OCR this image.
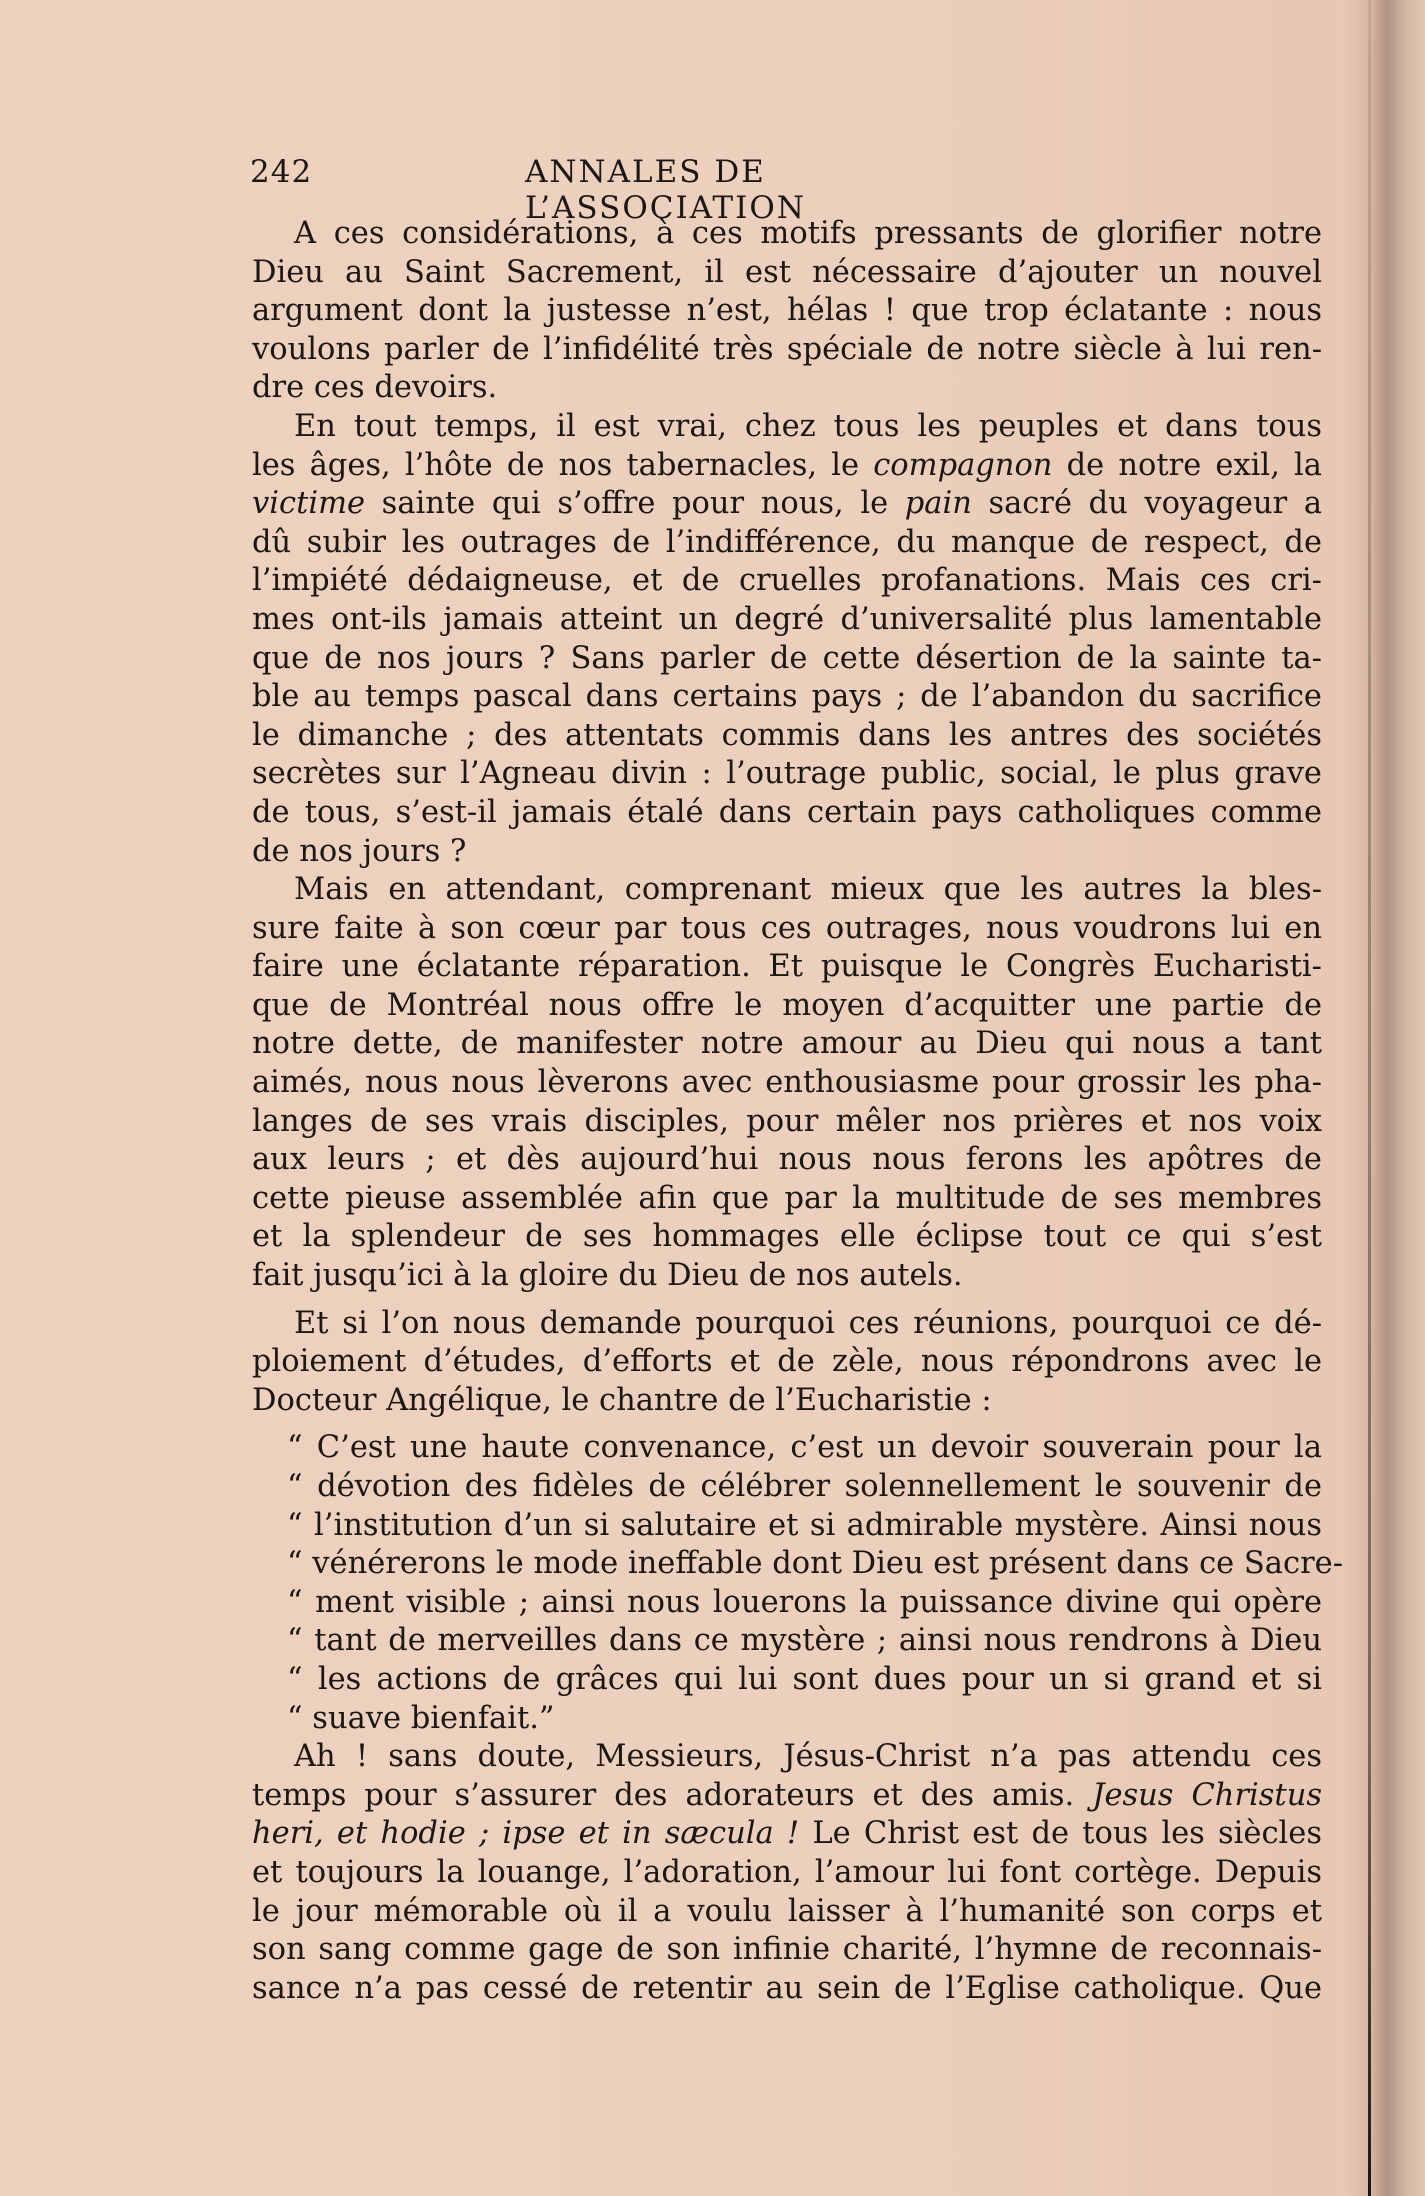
242	ANNALES DE L’ASSOCIATION
A ces considérations, à ces motifs pressants de glorifier notre
Dieu au Saint Sacrement, il est nécessaire d’ajouter un nouvel
argument dont la justesse n’est, hélas ! que trop éclatante : nous
voulons parler de l’infidélité très spéciale de notre siècle à lui ren-
dre ces devoirs.
En tout temps, il est vrai, chez tous les peuples et dans tous
les âges, l’hôte de nos tabernacles, le compagnon de notre exil, la
victime sainte qui s’offre pour nous, le pain sacré du voyageur a
dû subir les outrages de l’indifférence, du manque de respect, de
l’impiété dédaigneuse, et de cruelles profanations. Mais ces cri-
mes ont-ils jamais atteint un degré d’universalité plus lamentable
que de nos jours ? Sans parler de cette désertion de la sainte ta-
ble au temps pascal dans certains pays ; de l’abandon du sacrifice
le dimanche ; des attentats commis dans les antres des sociétés
secrètes sur l’Agneau divin : l’outrage public, social, le plus grave
de tous, s’est-il jamais étalé dans certain pays catholiques comme
de nos jours ?
Mais en attendant, comprenant mieux que les autres la bles-
sure faite à son cœur par tous ces outrages, nous voudrons lui en
faire une éclatante réparation. Et puisque le Congrès Eucharisti-
que de Montréal nous offre le moyen d’acquitter une partie de
notre dette, de manifester notre amour au Dieu qui nous a tant
aimés, nous nous lèverons avec enthousiasme pour grossir les pha-
langes de ses vrais disciples, pour mêler nos prières et nos voix
aux leurs ; et dès aujourd’hui nous nous ferons les apôtres de
cette pieuse assemblée afin que par la multitude de ses membres
et la splendeur de ses hommages elle éclipse tout ce qui s’est
fait jusqu’ici à la gloire du Dieu de nos autels.
Et si l’on nous demande pourquoi ces réunions, pourquoi ce dé-
ploiement d’études, d’efforts et de zèle, nous répondrons avec le
Docteur Angélique, le chantre de l’Eucharistie :
“ C’est une haute convenance, c’est un devoir souverain pour la
“ dévotion des fidèles de célébrer solennellement le souvenir de
“ l’institution d’un si salutaire et si admirable mystère. Ainsi nous
“ vénérerons le mode ineffable dont Dieu est présent dans ce Sacre-
“ ment visible ; ainsi nous louerons la puissance divine qui opère
“ tant de merveilles dans ce mystère ; ainsi nous rendrons à Dieu
“ les actions de grâces qui lui sont dues pour un si grand et si
“ suave bienfait.”
Ah ! sans doute, Messieurs, Jésus-Christ n’a pas attendu ces
temps pour s’assurer des adorateurs et des amis. Jesus Christus
heri, et hodie ; ipse et in sæcula ! Le Christ est de tous les siècles
et toujours la louange, l’adoration, l’amour lui font cortège. Depuis
le jour mémorable où il a voulu laisser à l’humanité son corps et
son sang comme gage de son infinie charité, l’hymne de reconnais-
sance n’a pas cessé de retentir au sein de l’Eglise catholique. Que
